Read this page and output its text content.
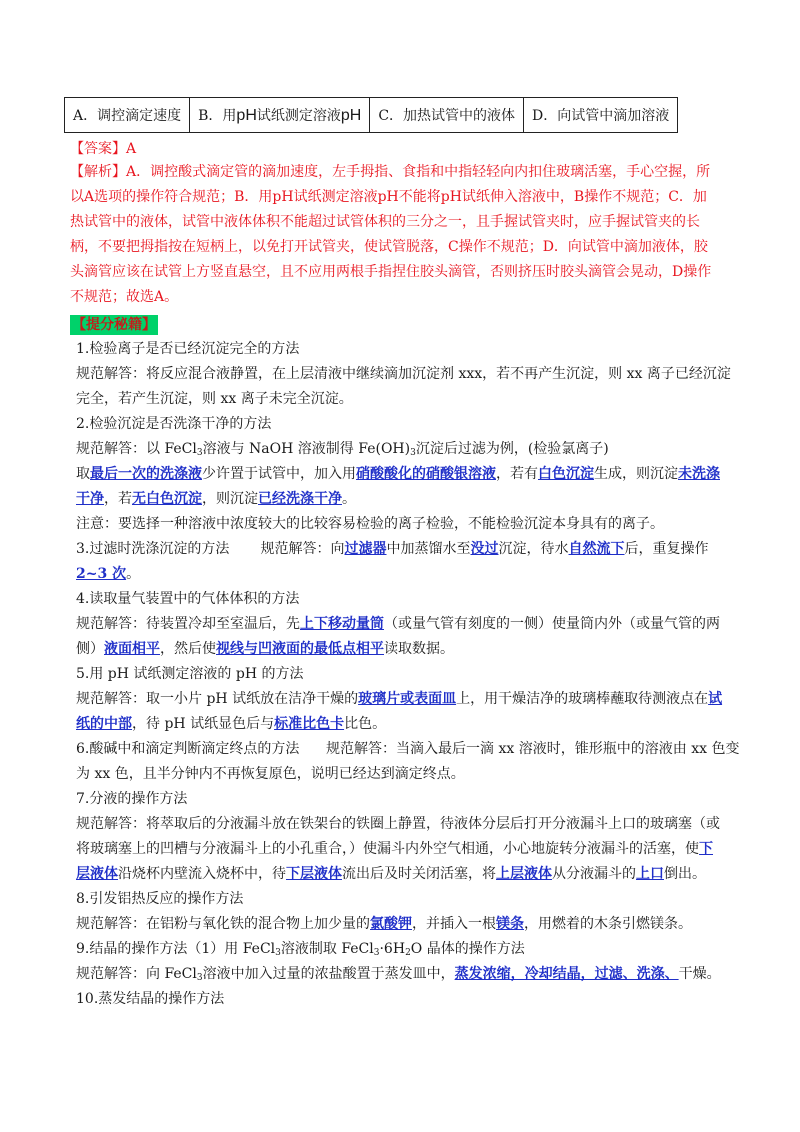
A．调控滴定速度	B．用pH试纸测定溶液pH	C．加热试管中的液体	D．向试管中滴加溶液
【答案】A
【解析】A．调控酸式滴定管的滴加速度，左手拇指、食指和中指轻轻向内扣住玻璃活塞，手心空握，所
以A选项的操作符合规范；B．用pH试纸测定溶液pH不能将pH试纸伸入溶液中，B操作不规范；C．加
热试管中的液体，试管中液体体积不能超过试管体积的三分之一，且手握试管夹时，应手握试管夹的长
柄，不要把拇指按在短柄上，以免打开试管夹，使试管脱落，C操作不规范；D．向试管中滴加液体，胶
头滴管应该在试管上方竖直悬空，且不应用两根手指捏住胶头滴管，否则挤压时胶头滴管会晃动，D操作
不规范；故选A。
【提分秘籍】
1.检验离子是否已经沉淀完全的方法
规范解答：将反应混合液静置，在上层清液中继续滴加沉淀剂 xxx，若不再产生沉淀，则 xx 离子已经沉淀
完全，若产生沉淀，则 xx 离子未完全沉淀。
2.检验沉淀是否洗涤干净的方法
规范解答：以 FeCl$_3$溶液与 NaOH 溶液制得 $Fe(OH)_3$沉淀后过滤为例，(检验氯离子)
取最后一次的洗涤液少许置于试管中，加入用硝酸酸化的硝酸银溶液，若有白色沉淀生成，则沉淀未洗涤
干净，若无白色沉淀，则沉淀已经洗涤干净。
注意：要选择一种溶液中浓度较大的比较容易检验的离子检验，不能检验沉淀本身具有的离子。
3.过滤时洗涤沉淀的方法       规范解答：向过滤器中加蒸馏水至没过沉淀，待水自然流下后，重复操作
2~3 次。
4.读取量气装置中的气体体积的方法
规范解答：待装置冷却至室温后，先上下移动量筒（或量气管有刻度的一侧）使量筒内外（或量气管的两
侧）液面相平，然后使视线与凹液面的最低点相平读取数据。
5.用 pH 试纸测定溶液的 pH 的方法
规范解答：取一小片 pH 试纸放在洁净干燥的玻璃片或表面皿上，用干燥洁净的玻璃棒蘸取待测液点在试
纸的中部，待 pH 试纸显色后与标准比色卡比色。
6.酸碱中和滴定判断滴定终点的方法      规范解答：当滴入最后一滴 xx 溶液时，锥形瓶中的溶液由 xx 色变
为 xx 色，且半分钟内不再恢复原色，说明已经达到滴定终点。
7.分液的操作方法
规范解答：将萃取后的分液漏斗放在铁架台的铁圈上静置，待液体分层后打开分液漏斗上口的玻璃塞（或
将玻璃塞上的凹槽与分液漏斗上的小孔重合，）使漏斗内外空气相通，小心地旋转分液漏斗的活塞，使下
层液体沿烧杯内壁流入烧杯中，待下层液体流出后及时关闭活塞，将上层液体从分液漏斗的上口倒出。
8.引发铝热反应的操作方法
规范解答：在铝粉与氧化铁的混合物上加少量的氯酸钾，并插入一根镁条，用燃着的木条引燃镁条。
9.结晶的操作方法（1）用 FeCl$_3$溶液制取 $FeCl_3\cdot 6H_2O$ 晶体的操作方法
规范解答：向 FeCl$_3$溶液中加入过量的浓盐酸置于蒸发皿中，蒸发浓缩，冷却结晶，过滤、洗涤、干燥。
10.蒸发结晶的操作方法
